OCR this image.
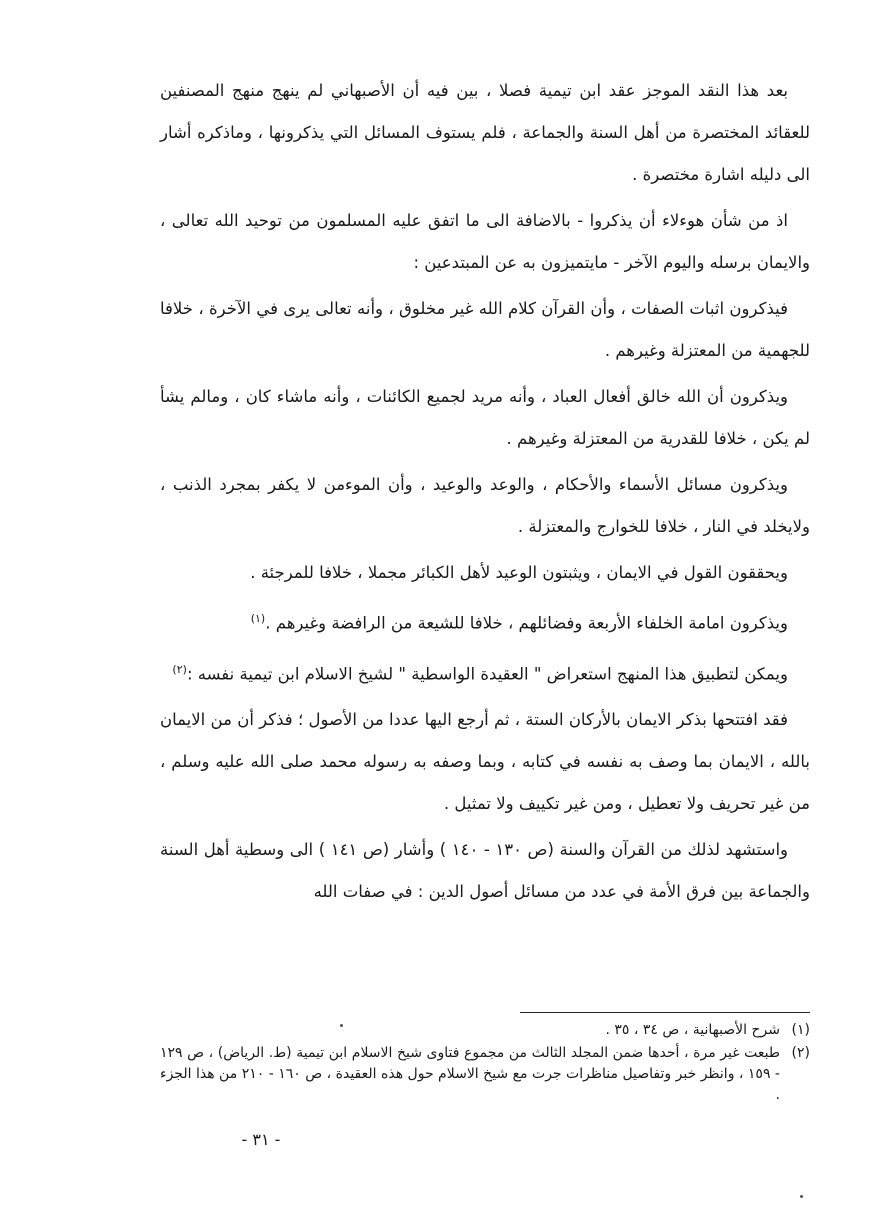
بعد هذا النقد الموجز عقد ابن تيمية فصلا ، بين فيه أن الأصبهاني لم ينهج منهج المصنفين للعقائد المختصرة من أهل السنة والجماعة ، فلم يستوف المسائل التي يذكرونها ، وماذكره أشار الى دليله اشارة مختصرة .

اذ من شأن هوءلاء أن يذكروا - بالاضافة الى ما اتفق عليه المسلمون من توحيد الله تعالى ، والايمان برسله واليوم الآخر - مايتميزون به عن المبتدعين :

فيذكرون اثبات الصفات ، وأن القرآن كلام الله غير مخلوق ، وأنه تعالى يرى في الآخرة ، خلافا للجهمية من المعتزلة وغيرهم .

ويذكرون أن الله خالق أفعال العباد ، وأنه مريد لجميع الكائنات ، وأنه ماشاء كان ، ومالم يشأ لم يكن ، خلافا للقدرية من المعتزلة وغيرهم .

ويذكرون مسائل الأسماء والأحكام ، والوعد والوعيد ، وأن الموءمن لا يكفر بمجرد الذنب ، ولايخلد في النار ، خلافا للخوارج والمعتزلة .

ويحققون القول في الايمان ، ويثبتون الوعيد لأهل الكبائر مجملا ، خلافا للمرجئة .

ويذكرون امامة الخلفاء الأربعة وفضائلهم ، خلافا للشيعة من الرافضة وغيرهم .$^{(١)}$

ويمكن لتطبيق هذا المنهج استعراض " العقيدة الواسطية " لشيخ الاسلام ابن تيمية نفسه :$^{(٢)}$

فقد افتتحها بذكر الايمان بالأركان الستة ، ثم أرجع اليها عددا من الأصول ؛ فذكر أن من الايمان بالله ، الايمان بما وصف به نفسه في كتابه ، وبما وصفه به رسوله محمد صلى الله عليه وسلم ، من غير تحريف ولا تعطيل ، ومن غير تكييف ولا تمثيل .

واستشهد لذلك من القرآن والسنة (ص ١٣٠ - ١٤٠ ) وأشار (ص ١٤١ ) الى وسطية أهل السنة والجماعة بين فرق الأمة في عدد من مسائل أصول الدين : في صفات الله

(١)
شرح الأصبهانية ، ص ٣٤ ، ٣٥ .
(٢)
طبعت غير مرة ، أحدها ضمن المجلد الثالث من مجموع فتاوى شيخ الاسلام ابن تيمية (ط. الرياض) ، ص ١٢٩ - ١٥٩ ، وانظر خبر وتفاصيل مناظرات جرت مع شيخ الاسلام حول هذه العقيدة ، ص ١٦٠ - ٢١٠ من هذا الجزء .
- ٣١ -
